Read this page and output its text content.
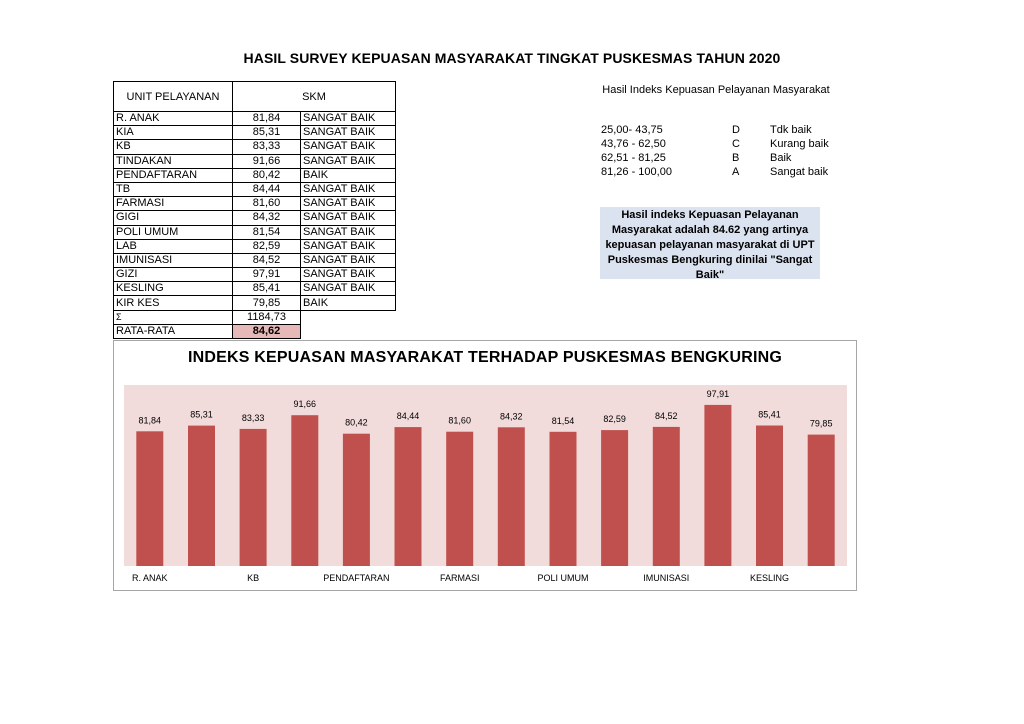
HASIL SURVEY KEPUASAN MASYARAKAT TINGKAT PUSKESMAS TAHUN 2020
UNIT PELAYANAN	SKM	
R. ANAK	81,84	SANGAT BAIK
KIA	85,31	SANGAT BAIK
KB	83,33	SANGAT BAIK
TINDAKAN	91,66	SANGAT BAIK
PENDAFTARAN	80,42	BAIK
TB	84,44	SANGAT BAIK
FARMASI	81,60	SANGAT BAIK
GIGI	84,32	SANGAT BAIK
POLI UMUM	81,54	SANGAT BAIK
LAB	82,59	SANGAT BAIK
IMUNISASI	84,52	SANGAT BAIK
GIZI	97,91	SANGAT BAIK
KESLING	85,41	SANGAT BAIK
KIR KES	79,85	BAIK
Σ	1184,73	
RATA-RATA	84,62	
Hasil Indeks Kepuasan Pelayanan Masyarakat
25,00- 43,75	D	Tdk baik
43,76 - 62,50	C	Kurang baik
62,51 - 81,25	B	Baik
81,26 - 100,00	A	Sangat baik
Hasil indeks Kepuasan Pelayanan Masyarakat adalah 84.62 yang artinya kepuasan pelayanan masyarakat di UPT Puskesmas Bengkuring dinilai "Sangat Baik"
INDEKS KEPUASAN MASYARAKAT TERHADAP PUSKESMAS BENGKURING
81,84
85,31	83,33
91,66
80,42
84,44	81,60	84,32	81,54	82,59	84,52
97,91
85,41
79,85
R. ANAK	KB	PENDAFTARAN	FARMASI	POLI UMUM	IMUNISASI	KESLING
